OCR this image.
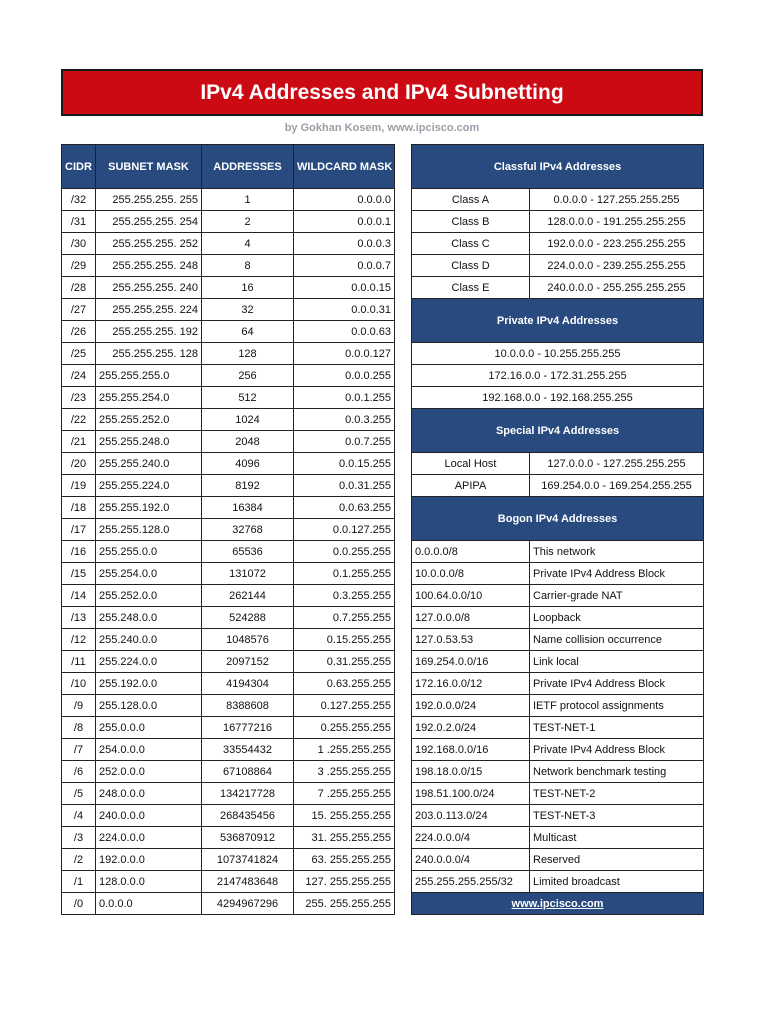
IPv4 Addresses and IPv4 Subnetting
by Gokhan Kosem, www.ipcisco.com
CIDR	SUBNET MASK	ADDRESSES	WILDCARD MASK
/32	255.255.255. 255	1	0.0.0.0
/31	255.255.255. 254	2	0.0.0.1
/30	255.255.255. 252	4	0.0.0.3
/29	255.255.255. 248	8	0.0.0.7
/28	255.255.255. 240	16	0.0.0.15
/27	255.255.255. 224	32	0.0.0.31
/26	255.255.255. 192	64	0.0.0.63
/25	255.255.255. 128	128	0.0.0.127
/24	255.255.255.0	256	0.0.0.255
/23	255.255.254.0	512	0.0.1.255
/22	255.255.252.0	1024	0.0.3.255
/21	255.255.248.0	2048	0.0.7.255
/20	255.255.240.0	4096	0.0.15.255
/19	255.255.224.0	8192	0.0.31.255
/18	255.255.192.0	16384	0.0.63.255
/17	255.255.128.0	32768	0.0.127.255
/16	255.255.0.0	65536	0.0.255.255
/15	255.254.0.0	131072	0.1.255.255
/14	255.252.0.0	262144	0.3.255.255
/13	255.248.0.0	524288	0.7.255.255
/12	255.240.0.0	1048576	0.15.255.255
/11	255.224.0.0	2097152	0.31.255.255
/10	255.192.0.0	4194304	0.63.255.255
/9	255.128.0.0	8388608	0.127.255.255
/8	255.0.0.0	16777216	0.255.255.255
/7	254.0.0.0	33554432	1 .255.255.255
/6	252.0.0.0	67108864	3 .255.255.255
/5	248.0.0.0	134217728	7 .255.255.255
/4	240.0.0.0	268435456	15. 255.255.255
/3	224.0.0.0	536870912	31. 255.255.255
/2	192.0.0.0	1073741824	63. 255.255.255
/1	128.0.0.0	2147483648	127. 255.255.255
/0	0.0.0.0	4294967296	255. 255.255.255
Classful IPv4 Addresses	
Class A	0.0.0.0 - 127.255.255.255
Class B	128.0.0.0 - 191.255.255.255
Class C	192.0.0.0 - 223.255.255.255
Class D	224.0.0.0 - 239.255.255.255
Class E	240.0.0.0 - 255.255.255.255
Private IPv4 Addresses	
10.0.0.0 - 10.255.255.255	
172.16.0.0 - 172.31.255.255	
192.168.0.0 - 192.168.255.255	
Special IPv4 Addresses	
Local Host	127.0.0.0 - 127.255.255.255
APIPA	169.254.0.0 - 169.254.255.255
Bogon IPv4 Addresses	
0.0.0.0/8	This network
10.0.0.0/8	Private IPv4 Address Block
100.64.0.0/10	Carrier-grade NAT
127.0.0.0/8	Loopback
127.0.53.53	Name collision occurrence
169.254.0.0/16	Link local
172.16.0.0/12	Private IPv4 Address Block
192.0.0.0/24	IETF protocol assignments
192.0.2.0/24	TEST-NET-1
192.168.0.0/16	Private IPv4 Address Block
198.18.0.0/15	Network benchmark testing
198.51.100.0/24	TEST-NET-2
203.0.113.0/24	TEST-NET-3
224.0.0.0/4	Multicast
240.0.0.0/4	Reserved
255.255.255.255/32	Limited broadcast
www.ipcisco.com	
